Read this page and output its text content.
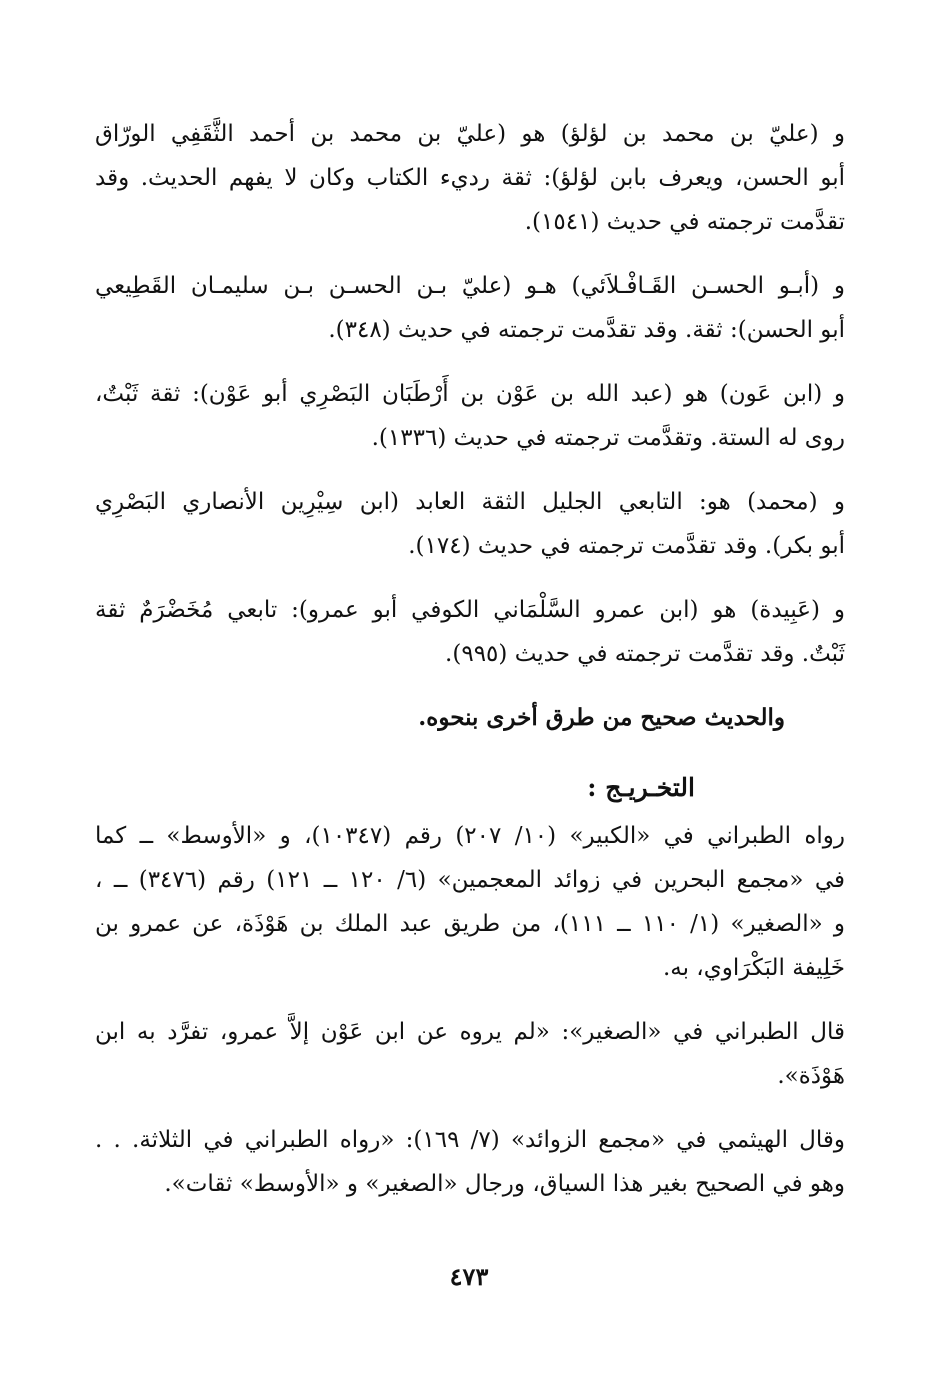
و (عليّ بن محمد بن لؤلؤ) هو (عليّ بن محمد بن أحمد الثَّقَفِي الورّاق
أبو الحسن، ويعرف بابن لؤلؤ): ثقة رديء الكتاب وكان لا يفهم الحديث. وقد
تقدَّمت ترجمته في حديث (١٥٤١).
و (أبـو الحسـن القَـافْـلاَئي) هـو (عليّ بـن الحسـن بـن سليمـان القَطِيعي
أبو الحسن): ثقة. وقد تقدَّمت ترجمته في حديث (٣٤٨).
و (ابن عَون) هو (عبد الله بن عَوْن بن أَرْطَبَان البَصْرِي أبو عَوْن): ثقة ثَبْتٌ،
روى له الستة. وتقدَّمت ترجمته في حديث (١٣٣٦).
و (محمد) هو: التابعي الجليل الثقة العابد (ابن سِيْرِين الأنصاري البَصْرِي
أبو بكر). وقد تقدَّمت ترجمته في حديث (١٧٤).
و (عَبِيدة) هو (ابن عمرو السَّلْمَاني الكوفي أبو عمرو): تابعي مُخَضْرَمٌ ثقة
ثَبْتٌ. وقد تقدَّمت ترجمته في حديث (٩٩٥).
والحديث صحيح من طرق أخرى بنحوه.
التخـريـج :
رواه الطبراني في «الكبير» (١٠/ ٢٠٧) رقم (١٠٣٤٧)، و «الأوسط» ــ كما
في «مجمع البحرين في زوائد المعجمين» (٦/ ١٢٠ ــ ١٢١) رقم (٣٤٧٦) ــ ،
و «الصغير» (١/ ١١٠ ــ ١١١)، من طريق عبد الملك بن هَوْذَة، عن عمرو بن
خَلِيفة البَكْرَاوي، به.
قال الطبراني في «الصغير»: «لم يروه عن ابن عَوْن إلاَّ عمرو، تفرَّد به ابن
هَوْذَة».
وقال الهيثمي في «مجمع الزوائد» (٧/ ١٦٩): «رواه الطبراني في الثلاثة. . .
وهو في الصحيح بغير هذا السياق، ورجال «الصغير» و «الأوسط» ثقات».
٤٧٣
